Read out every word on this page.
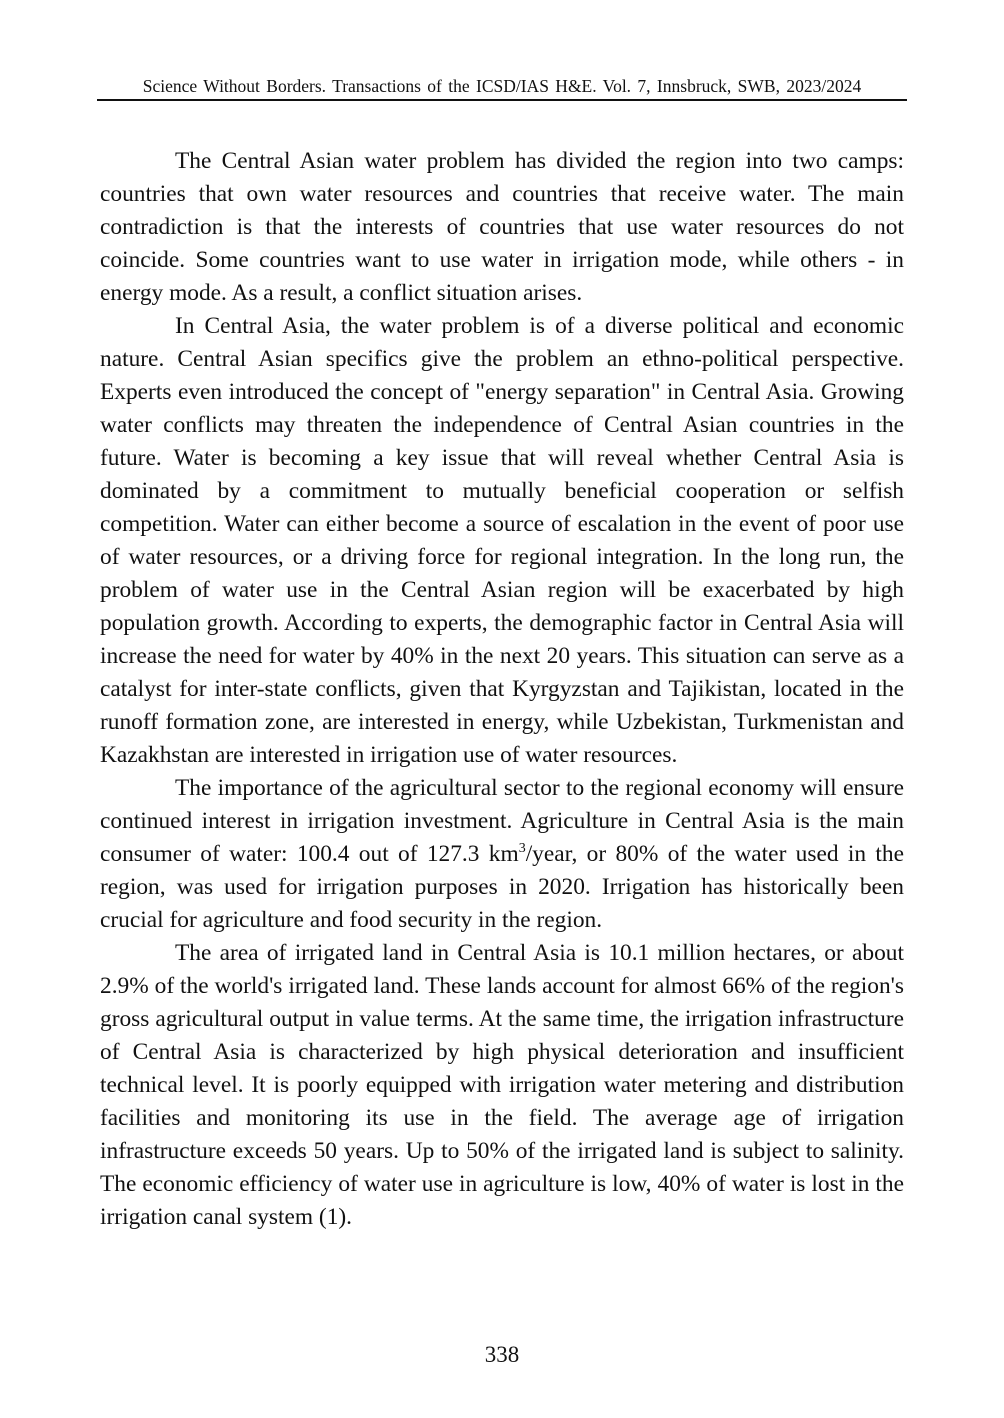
Science Without Borders. Transactions of the ICSD/IAS H&E. Vol. 7, Innsbruck, SWB, 2023/2024

The Central Asian water problem has divided the region into two camps: countries that own water resources and countries that receive water. The main contradiction is that the interests of countries that use water resources do not coincide. Some countries want to use water in irrigation mode, while others - in energy mode. As a result, a conflict situation arises.

In Central Asia, the water problem is of a diverse political and economic nature. Central Asian specifics give the problem an ethno-political perspective. Experts even introduced the concept of "energy separation" in Central Asia. Growing water conflicts may threaten the independence of Central Asian countries in the future. Water is becoming a key issue that will reveal whether Central Asia is dominated by a commitment to mutually beneficial cooperation or selfish competition. Water can either become a source of escalation in the event of poor use of water resources, or a driving force for regional integration. In the long run, the problem of water use in the Central Asian region will be exacerbated by high population growth. According to experts, the demographic factor in Central Asia will increase the need for water by 40% in the next 20 years. This situation can serve as a catalyst for inter-state conflicts, given that Kyrgyzstan and Tajikistan, located in the runoff formation zone, are interested in energy, while Uzbekistan, Turkmenistan and Kazakhstan are interested in irrigation use of water resources.

The importance of the agricultural sector to the regional economy will ensure continued interest in irrigation investment. Agriculture in Central Asia is the main consumer of water: 100.4 out of 127.3 $km^3$/year, or 80% of the water used in the region, was used for irrigation purposes in 2020. Irrigation has historically been crucial for agriculture and food security in the region.

The area of irrigated land in Central Asia is 10.1 million hectares, or about 2.9% of the world's irrigated land. These lands account for almost 66% of the region's gross agricultural output in value terms. At the same time, the irrigation infrastructure of Central Asia is characterized by high physical deterioration and insufficient technical level. It is poorly equipped with irrigation water metering and distribution facilities and monitoring its use in the field. The average age of irrigation infrastructure exceeds 50 years. Up to 50% of the irrigated land is subject to salinity. The economic efficiency of water use in agriculture is low, 40% of water is lost in the irrigation canal system (1).

338
